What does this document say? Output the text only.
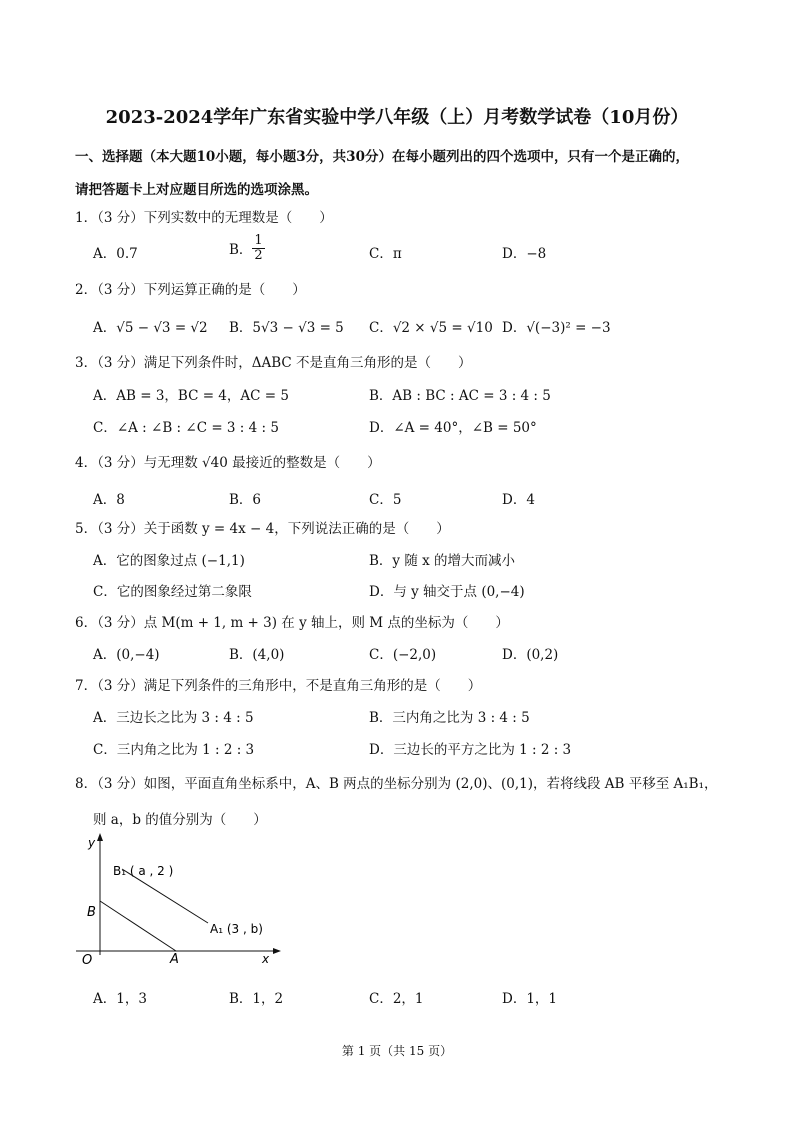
2023-2024学年广东省实验中学八年级（上）月考数学试卷（10月份）
一、选择题（本大题10小题，每小题3分，共30分）在每小题列出的四个选项中，只有一个是正确的，
请把答题卡上对应题目所选的选项涂黑。
1．（3 分）下列实数中的无理数是（　　）
A．0.7	B． $\frac{1}{2}$	C．π	D．−8
2．（3 分）下列运算正确的是（　　）
A．√5 − √3 = √2 B．5√3 − √3 = 5 C．√2 × √5 = √10 D．√(−3)² = −3
3．（3 分）满足下列条件时，ΔABC 不是直角三角形的是（　　）
A．AB = 3，BC = 4，AC = 5	B．AB : BC : AC = 3 : 4 : 5
C．∠A : ∠B : ∠C = 3 : 4 : 5	D．∠A = 40°，∠B = 50°
4．（3 分）与无理数 √40 最接近的整数是（　　）
A．8	B．6	C．5	D．4
5．（3 分）关于函数 y = 4x − 4，下列说法正确的是（　　）
A．它的图象过点 (−1,1)	B．y 随 x 的增大而减小
C．它的图象经过第二象限	D．与 y 轴交于点 (0,−4)
6．（3 分）点 M(m + 1, m + 3) 在 y 轴上，则 M 点的坐标为（　　）
A．(0,−4)	B．(4,0)	C．(−2,0)	D．(0,2)
7．（3 分）满足下列条件的三角形中，不是直角三角形的是（　　）
A．三边长之比为 3 : 4 : 5	B．三内角之比为 3 : 4 : 5
C．三内角之比为 1 : 2 : 3	D．三边长的平方之比为 1 : 2 : 3
8．（3 分）如图，平面直角坐标系中，A、B 两点的坐标分别为 (2,0)、(0,1)，若将线段 AB 平移至 A₁B₁，
则 a，b 的值分别为（　　）
y
x
O
B
A
B₁ ( a , 2 )
A₁ (3 , b)
A．1，3	B．1，2	C．2，1	D．1，1
第 1 页（共 15 页）
